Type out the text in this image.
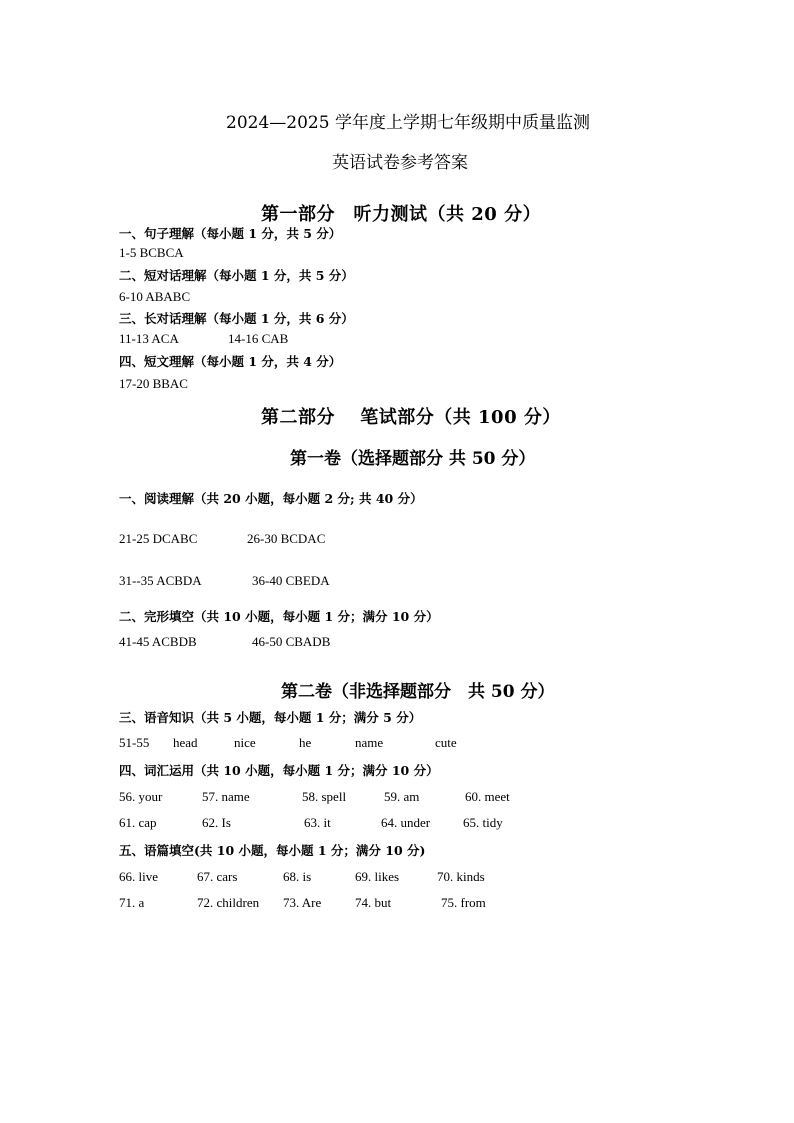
2024—2025 学年度上学期七年级期中质量监测
英语试卷参考答案
第一部分　听力测试（共 20 分）
一、句子理解（每小题 1 分，共 5 分）
1-5 BCBCA
二、短对话理解（每小题 1 分，共 5 分）
6-10 ABABC
三、长对话理解（每小题 1 分，共 6 分）
11-13 ACA	14-16 CAB
四、短文理解（每小题 1 分，共 4 分）
17-20 BBAC
第二部分　 笔试部分（共 100 分）
第一卷（选择题部分 共 50 分）
一、阅读理解（共 20 小题，每小题 2 分; 共 40 分）
21-25 DCABC	26-30 BCDAC
31--35 ACBDA	36-40 CBEDA
二、完形填空（共 10 小题，每小题 1 分；满分 10 分）
41-45 ACBDB	46-50 CBADB
第二卷（非选择题部分　共 50 分）
三、语音知识（共 5 小题，每小题 1 分；满分 5 分）
51-55 head	nice	he	name	cute
四、词汇运用（共 10 小题，每小题 1 分；满分 10 分）
56. your	57. name	58. spell	59. am	60. meet
61. cap	62. Is	63. it	64. under	65. tidy
五、语篇填空(共 10 小题，每小题 1 分；满分 10 分)
66. live	67. cars	68. is	69. likes	70. kinds
71. a	72. children 73. Are	74. but	75. from
